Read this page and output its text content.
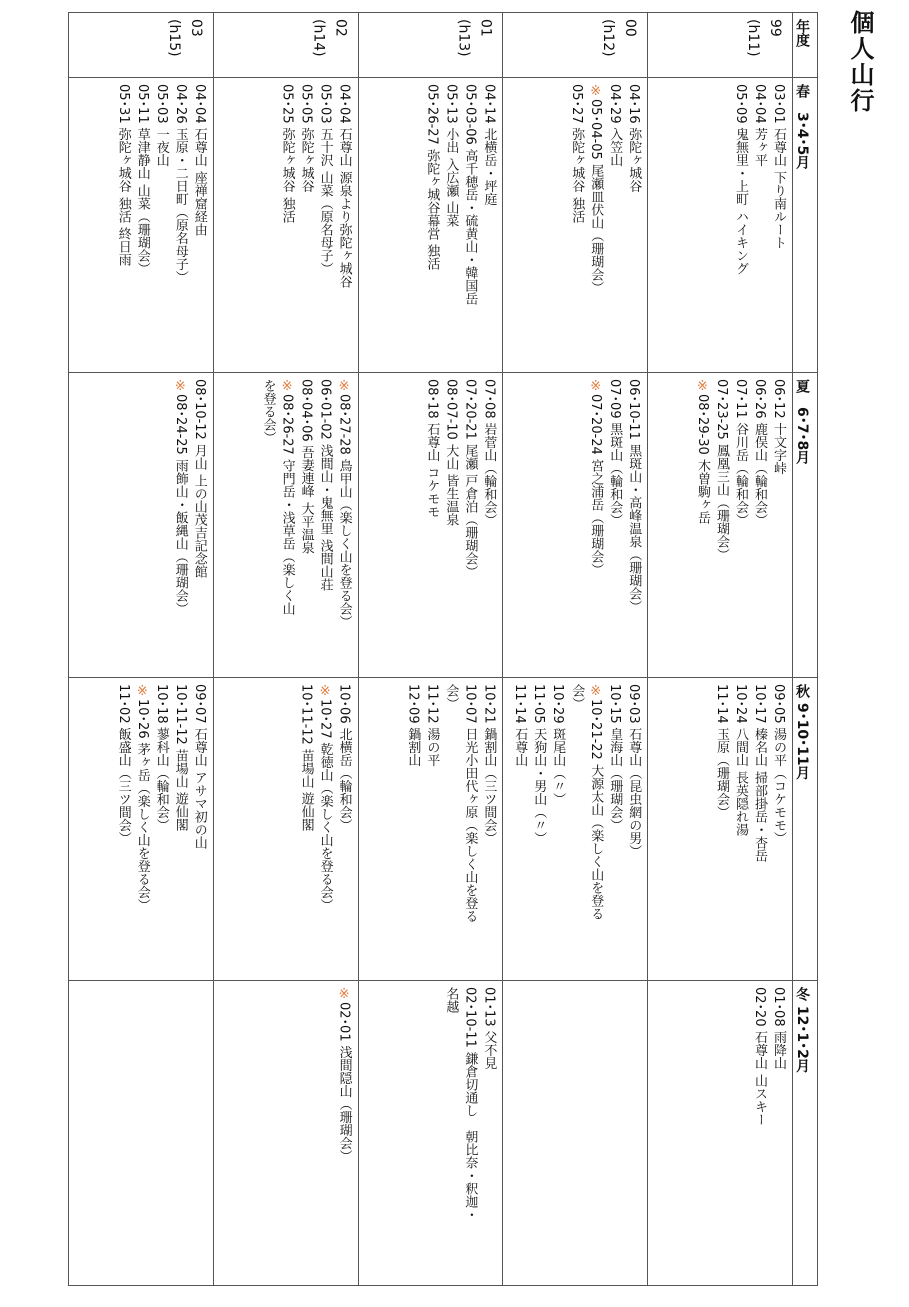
個人山行
年度
春　3･4･5月
夏　6･7･8月
秋 9･10･11月
冬 12･1･2月
99
(h11)
03･01 石尊山 下り南ルート
04･04 芳ヶ平
05･09 鬼無里・上町 ハイキング
06･12 十文字峠
06･26 鹿俣山（輪和会）
07･11 谷川岳（輪和会）
07･23-25 鳳凰三山（珊瑚会）
※08･29-30 木曽駒ヶ岳
09･05 湯の平（コケモモ）
10･17 榛名山 掃部掛岳・杏岳
10･24 八間山 長英隠れ湯
11･14 玉原（珊瑚会）
01･08 雨降山
02･20 石尊山 山スキー
00
(h12)
04･16 弥陀ヶ城谷
04･29 入笠山
※05･04-05 尾瀬皿伏山（珊瑚会）
05･27 弥陀ヶ城谷 独活
06･10-11 黒斑山・高峰温泉（珊瑚会）
07･09 黒斑山（輪和会）
※07･20-24 宮之浦岳（珊瑚会）
09･03 石尊山（昆虫網の男）
10･15 皇海山（珊瑚会）
※10･21-22 大源太山（楽しく山を登る
会）
10･29 斑尾山（〃）
11･05 天狗山・男山（〃）
11･14 石尊山
01
(h13)
04･14 北横岳・坪庭
05･03-06 高千穂岳・硫黄山・韓国岳
05･13 小出 入広瀬 山菜
05･26-27 弥陀ヶ城谷幕営 独活
07･08 岩菅山（輪和会）
07･20-21 尾瀬 戸倉泊（珊瑚会）
08･07-10 大山 皆生温泉
08･18 石尊山 コケモモ
10･21 鍋割山（三ツ間会）
10･07 日光小田代ヶ原（楽しく山を登る
会）
11･12 湯の平
12･09 鍋割山
01･13 父不見
02･10-11 鎌倉切通し　朝比奈・釈迦・
名越
02
(h14)
04･04 石尊山 源泉より弥陀ヶ城谷
05･03 五十沢 山菜（原名母子）
05･05 弥陀ヶ城谷
05･25 弥陀ヶ城谷 独活
※08･27-28 鳥甲山（楽しく山を登る会）
06･01-02 浅間山・鬼無里 浅間山荘
08･04･06 吾妻連峰 大平温泉
※08･26-27 守門岳・浅草岳（楽しく山
を登る会）
10･06 北横岳（輪和会）
※10･27 乾徳山（楽しく山を登る会）
10･11-12 苗場山 遊仙閣
※02･01 浅間隠山（珊瑚会）
03
(h15)
04･04 石尊山 座禅窟経由
04･26 玉原・二日町（原名母子）
05･03 一夜山
05･11 草津静山 山菜（珊瑚会）
05･31 弥陀ヶ城谷 独活 終日雨
08･10-12 月山 上の山茂吉記念館
※08･24-25 雨飾山・飯縄山（珊瑚会）
09･07 石尊山 アサマ初の山
10･11-12 苗場山 遊仙閣
10･18 蓼科山（輪和会）
※10･26 茅ヶ岳（楽しく山を登る会）
11･02 飯盛山（三ツ間会）
